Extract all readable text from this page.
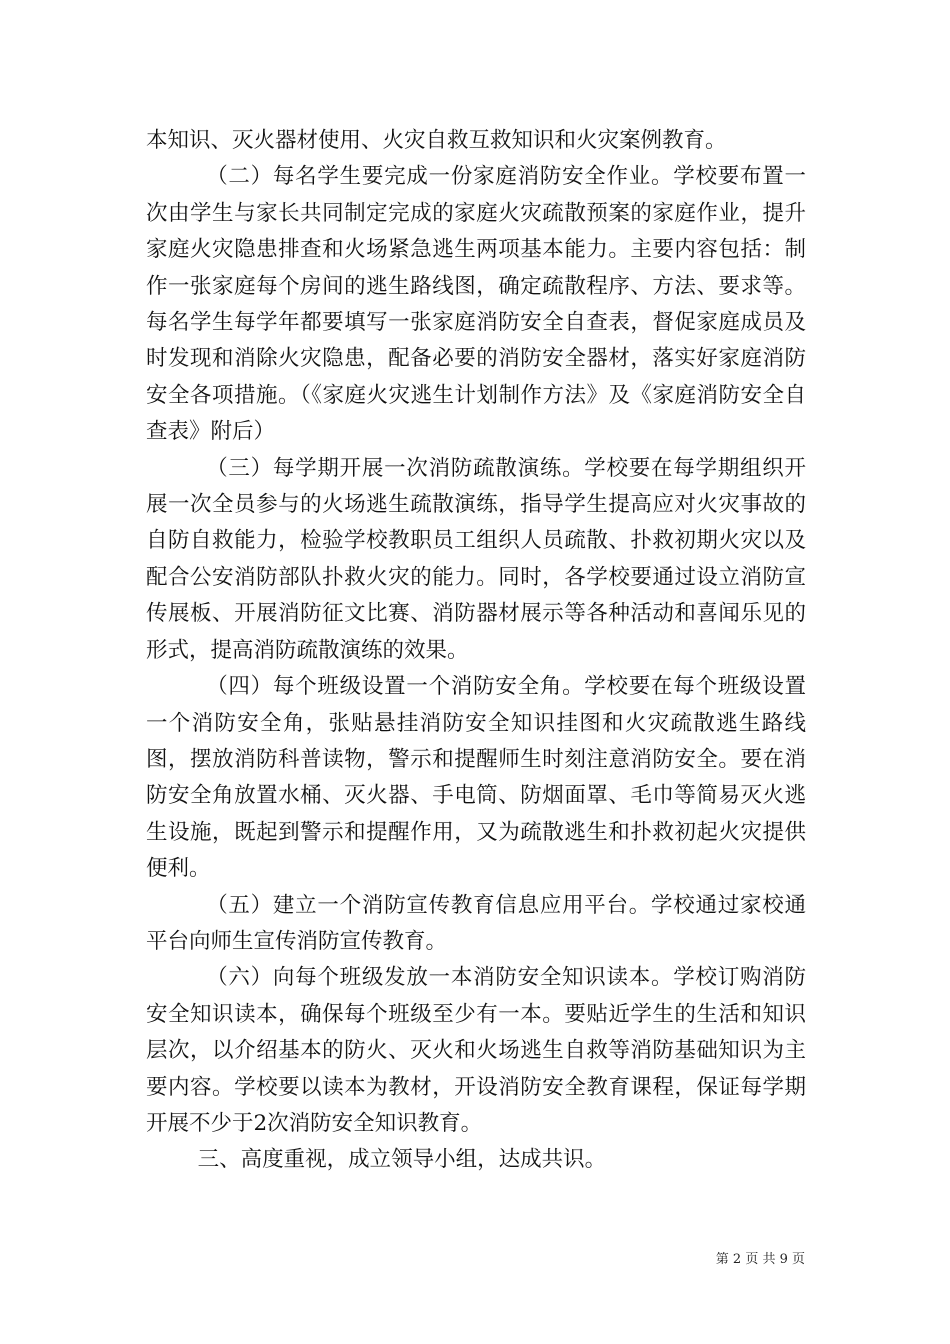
本知识、灭火器材使用、火灾自救互救知识和火灾案例教育。

（二）每名学生要完成一份家庭消防安全作业。学校要布置一次由学生与家长共同制定完成的家庭火灾疏散预案的家庭作业，提升家庭火灾隐患排查和火场紧急逃生两项基本能力。主要内容包括：制作一张家庭每个房间的逃生路线图，确定疏散程序、方法、要求等。每名学生每学年都要填写一张家庭消防安全自查表，督促家庭成员及时发现和消除火灾隐患，配备必要的消防安全器材，落实好家庭消防安全各项措施。（《家庭火灾逃生计划制作方法》及《家庭消防安全自查表》附后）

（三）每学期开展一次消防疏散演练。学校要在每学期组织开展一次全员参与的火场逃生疏散演练，指导学生提高应对火灾事故的自防自救能力，检验学校教职员工组织人员疏散、扑救初期火灾以及配合公安消防部队扑救火灾的能力。同时，各学校要通过设立消防宣传展板、开展消防征文比赛、消防器材展示等各种活动和喜闻乐见的形式，提高消防疏散演练的效果。

（四）每个班级设置一个消防安全角。学校要在每个班级设置一个消防安全角，张贴悬挂消防安全知识挂图和火灾疏散逃生路线图，摆放消防科普读物，警示和提醒师生时刻注意消防安全。要在消防安全角放置水桶、灭火器、手电筒、防烟面罩、毛巾等简易灭火逃生设施，既起到警示和提醒作用，又为疏散逃生和扑救初起火灾提供便利。

（五）建立一个消防宣传教育信息应用平台。学校通过家校通平台向师生宣传消防宣传教育。

（六）向每个班级发放一本消防安全知识读本。学校订购消防安全知识读本，确保每个班级至少有一本。要贴近学生的生活和知识层次，以介绍基本的防火、灭火和火场逃生自救等消防基础知识为主要内容。学校要以读本为教材，开设消防安全教育课程，保证每学期开展不少于2次消防安全知识教育。

三、高度重视，成立领导小组，达成共识。

第 2 页 共 9 页
